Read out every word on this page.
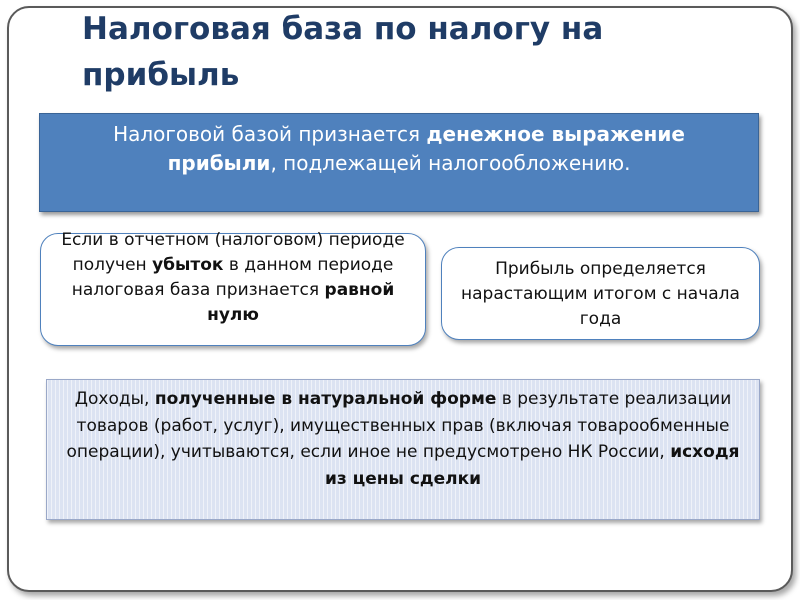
Налоговая база по налогу на прибыль
Налоговой базой признается денежное выражение прибыли, подлежащей налогообложению.
Если в отчетном (налоговом) периоде получен убыток в данном периоде налоговая база признается равной нулю
Прибыль определяется нарастающим итогом с начала года
Доходы, полученные в натуральной форме в результате реализации товаров (работ, услуг), имущественных прав (включая товарообменные операции), учитываются, если иное не предусмотрено НК России, исходя из цены сделки
